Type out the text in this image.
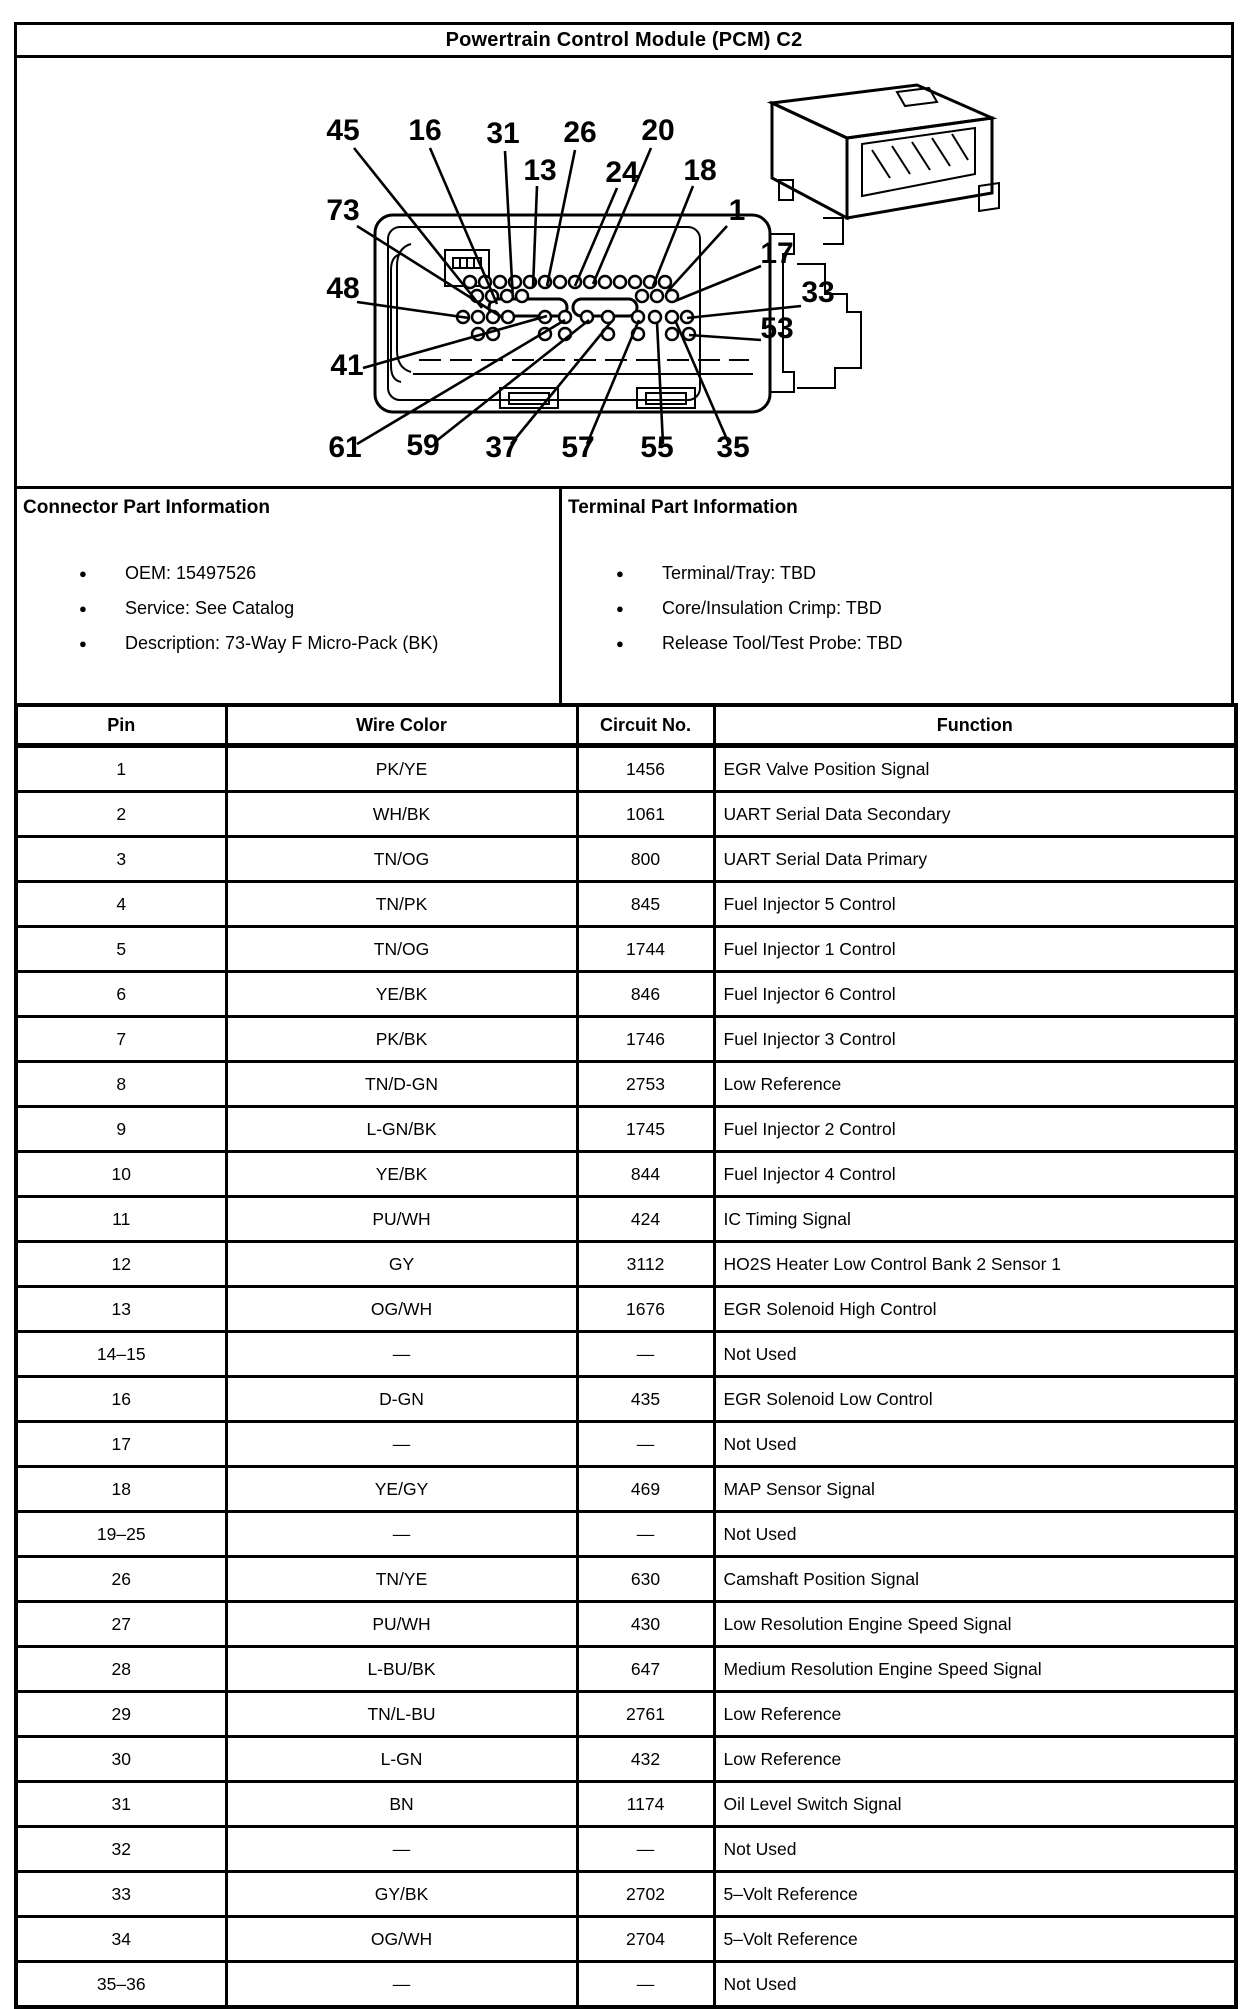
Powertrain Control Module (PCM) C2
45 16 31 26 20
13 24 18
73	1
17
48	33
53
41
61 59 37 57 55 35
Connector Part Information
● OEM: 15497526
● Service: See Catalog
● Description: 73-Way F Micro-Pack (BK)
Terminal Part Information
● Terminal/Tray: TBD
● Core/Insulation Crimp: TBD
● Release Tool/Test Probe: TBD
Pin	Wire Color	Circuit No.	Function
1	PK/YE	1456	EGR Valve Position Signal
2	WH/BK	1061	UART Serial Data Secondary
3	TN/OG	800	UART Serial Data Primary
4	TN/PK	845	Fuel Injector 5 Control
5	TN/OG	1744	Fuel Injector 1 Control
6	YE/BK	846	Fuel Injector 6 Control
7	PK/BK	1746	Fuel Injector 3 Control
8	TN/D-GN	2753	Low Reference
9	L-GN/BK	1745	Fuel Injector 2 Control
10	YE/BK	844	Fuel Injector 4 Control
11	PU/WH	424	IC Timing Signal
12	GY	3112	HO2S Heater Low Control Bank 2 Sensor 1
13	OG/WH	1676	EGR Solenoid High Control
14–15	—	—	Not Used
16	D-GN	435	EGR Solenoid Low Control
17	—	—	Not Used
18	YE/GY	469	MAP Sensor Signal
19–25	—	—	Not Used
26	TN/YE	630	Camshaft Position Signal
27	PU/WH	430	Low Resolution Engine Speed Signal
28	L-BU/BK	647	Medium Resolution Engine Speed Signal
29	TN/L-BU	2761	Low Reference
30	L-GN	432	Low Reference
31	BN	1174	Oil Level Switch Signal
32	—	—	Not Used
33	GY/BK	2702	5–Volt Reference
34	OG/WH	2704	5–Volt Reference
35–36	—	—	Not Used
